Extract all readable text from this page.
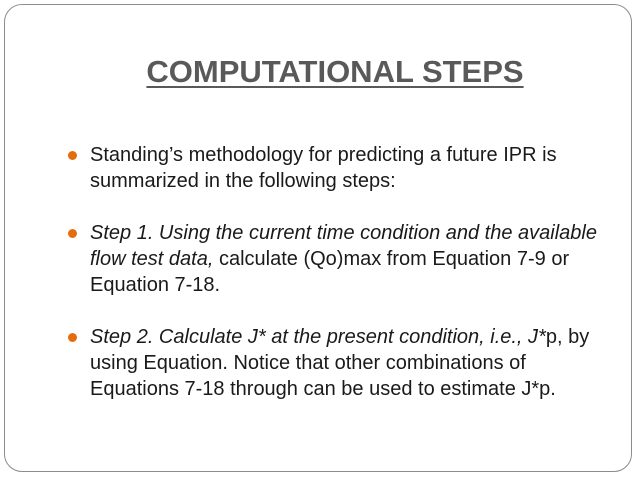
COMPUTATIONAL STEPS
Standing’s methodology for predicting a future IPR is summarized in the following steps:
Step 1. Using the current time condition and the available flow test data, calculate (Qo)max from Equation 7-9 or Equation 7-18.
Step 2. Calculate J* at the present condition, i.e., J*p, by using Equation. Notice that other combinations of Equations 7-18 through can be used to estimate J*p.
